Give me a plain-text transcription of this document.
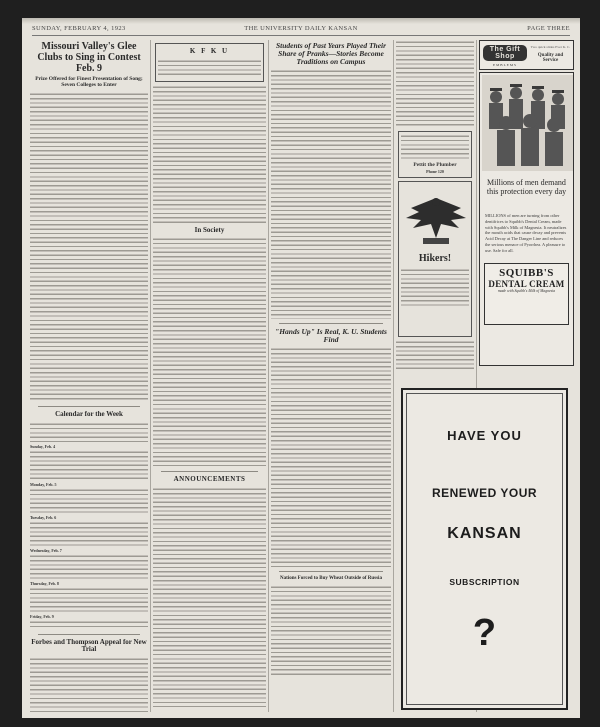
SUNDAY, FEBRUARY 4, 1923	THE UNIVERSITY DAILY KANSAN	PAGE THREE
Missouri Valley's Glee Clubs to Sing in Contest Feb. 9
Prize Offered for Finest Presentation of Song; Seven Colleges to Enter
Calendar for the Week
Sunday, Feb. 4
Monday, Feb. 5
Tuesday, Feb. 6
Wednesday, Feb. 7
Thursday, Feb. 8
Friday, Feb. 9
Forbes and Thompson Appeal for New Trial
K F K U
In Society
ANNOUNCEMENTS
Students of Past Years Played Their Share of Pranks—Stories Become Traditions on Campus
"Hands Up" Is Real, K. U. Students Find
Nations Forced to Buy Wheat Outside of Russia
Pettit the Plumber
Phone 120
Hikers!
The Gift Shop
EMBLEMS
Two quick slides Ever K. C.
Quality and Service
Millions of men demand this protection every day
MILLIONS of men are turning from other dentifrices to Squibb's Dental Cream, made with Squibb's Milk of Magnesia. It neutralizes the mouth acids that cause decay and prevents Acid Decay at The Danger Line and reduces the serious menace of Pyorrhea. A pleasure to use. Safe for all.
SQUIBB'S
DENTAL CREAM
made with Squibb's Milk of Magnesia
HAVE YOU
RENEWED YOUR
KANSAN
SUBSCRIPTION
?
